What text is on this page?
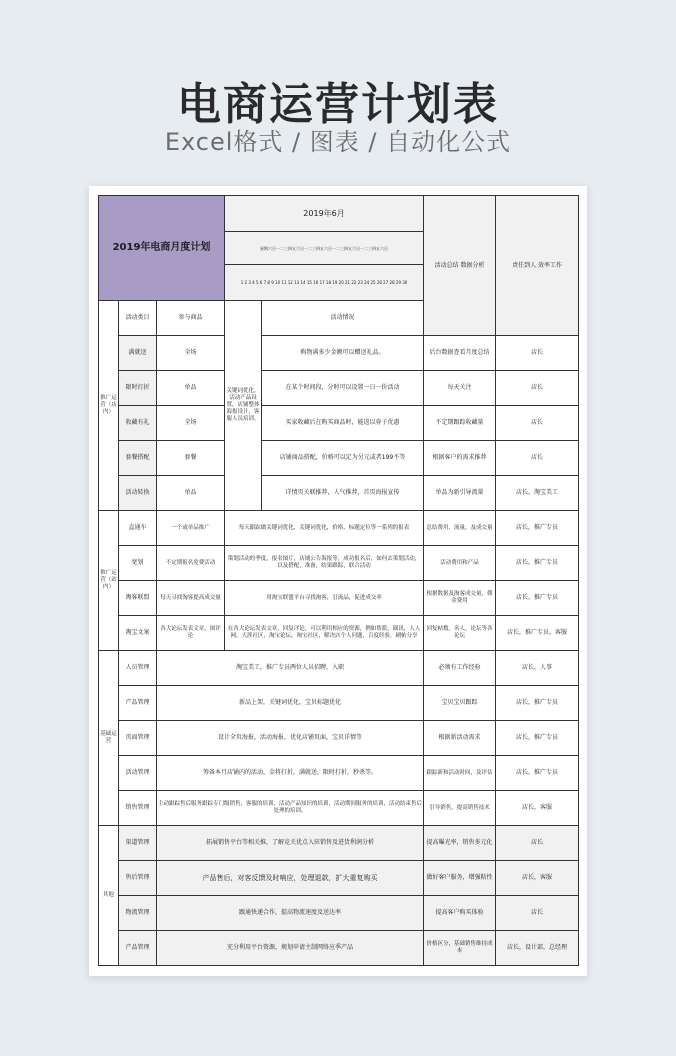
电商运营计划表
Excel格式 / 图表 / 自动化公式
2019年电商月度计划			2019年6月		活动总结 数据分析	责任到人 效率工作
			星期六日一二三四五六日一二三四五六日一二三四五六日一二三四五六日			
			1 2 3 4 5 6 7 8 9 10 11 12 13 14 15 16 17 18 19 20 21 22 23 24 25 26 27 28 29 30			
推广运营（店内）	活动类目	参与商品	关键词优化，活动产品设置，店铺整体海报设计，客服人员培训。	活动情况		
	满就送	全场		购物满多少金额可以赠送礼品。	后台数据查看月度总结	店长
	限时打折	单品		在某个时间段，分时可以设置一日一价活动	每天关注	店长
	收藏有礼	全场		买家收藏后在购买商品时，能返以券子优惠	不定期跟踪收藏量	店长
	套餐搭配	套餐		店铺商品搭配，价格可以定为另元或者199不等	根据客户的需求推荐	店长
	活动转换	单品		详情页关联推荐，人气推荐，首页海报宣传	单品为新引导流量	店长，淘宝美工
推广运营（站内）	直通车	一个或单品推广	每天跟踪做关键词优化，关键词优化，价格，标题定位等一系列的报表		总结费用，流量，及成交量	店长，推广专员
	宽划	不定期报名免费活动	策划活动的季度，报名图片，店铺公告海报等，成功报名后，如何去策划活动，以及搭配，准备，结果跟踪，联合活动		活动费用和产品	店长，推广专员
	淘客联盟	每天寻找淘客提高成交量	用淘宝联盟平台寻找淘客，引流品，促进成交率		根据数据及淘客成交量，佣金费用	店长，推广专员
	淘宝文案	各大论坛发表文章，图评论	在各大论坛发表文章，回复评论，可以利用相应的资源，例如帮派，圈讯，人人网，天涯社区，淘宝论坛，淘宝社区，解决店个人问题，百度经验，刷帖分享		回复帖数，名人，论坛等各论坛	店长，推广专员，客服
基础运营	人员管理	淘宝美工，推广专员两位人员招聘，入职			必须有工作经验	店长，人事
	产品管理	新品上架，关键词优化，宝贝标题优化			宝贝宝贝跟踪	店长，推广专员
	页面管理	设计全页海报，活动海报，优化店铺页面，宝贝详情等			根据新活动需求	店长，推广专员
	活动管理	筹备本月店铺内的活动，金将打折，满就送，限时打折，秒杀等。			跟踪新和活动时间，及评估	店长，推广专员
	销售管理	主动跟踪售后服务跟踪专门级销售，客服的培训，活动产品知识的培训，活动期间服务的培训，活动结束售后处理的培训。			引导销售，提高销售技术	店长，客服
其他	渠道管理	拓展销售平台等相关推，了解竞关优点入驻销售及进货利润分析			提高曝光率，销售多元化	店长
	售后管理	产品售后，对客反馈及时响应，处理退款，扩大重复购买			做好客户服务，增强粘性	店长，客服
	物流管理	跟通快递合作，提高物流速度及送达率			提高客户购买体验	店长
	产品管理	充分利用平台资源，规划申请主制网络应季产品			价格区分，基础销售维持成本	店长，设计部，总经理
